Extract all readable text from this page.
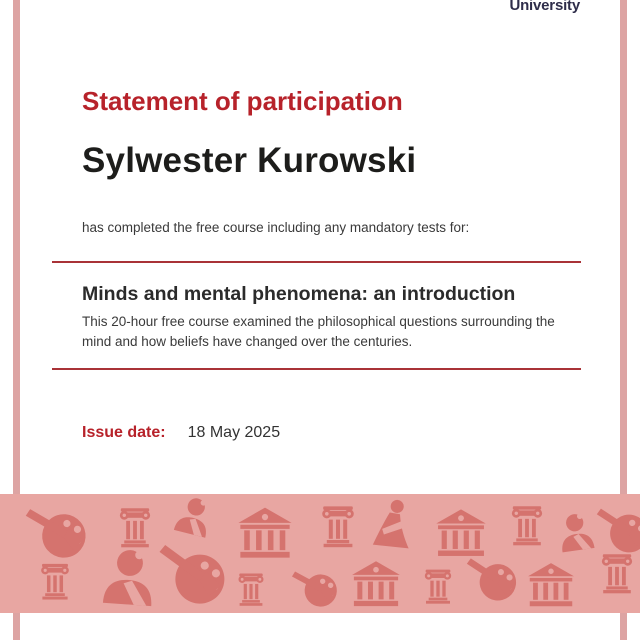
University
Statement of participation
Sylwester Kurowski
has completed the free course including any mandatory tests for:
Minds and mental phenomena: an introduction
This 20-hour free course examined the philosophical questions surrounding the mind and how beliefs have changed over the centuries.
Issue date: 18 May 2025
